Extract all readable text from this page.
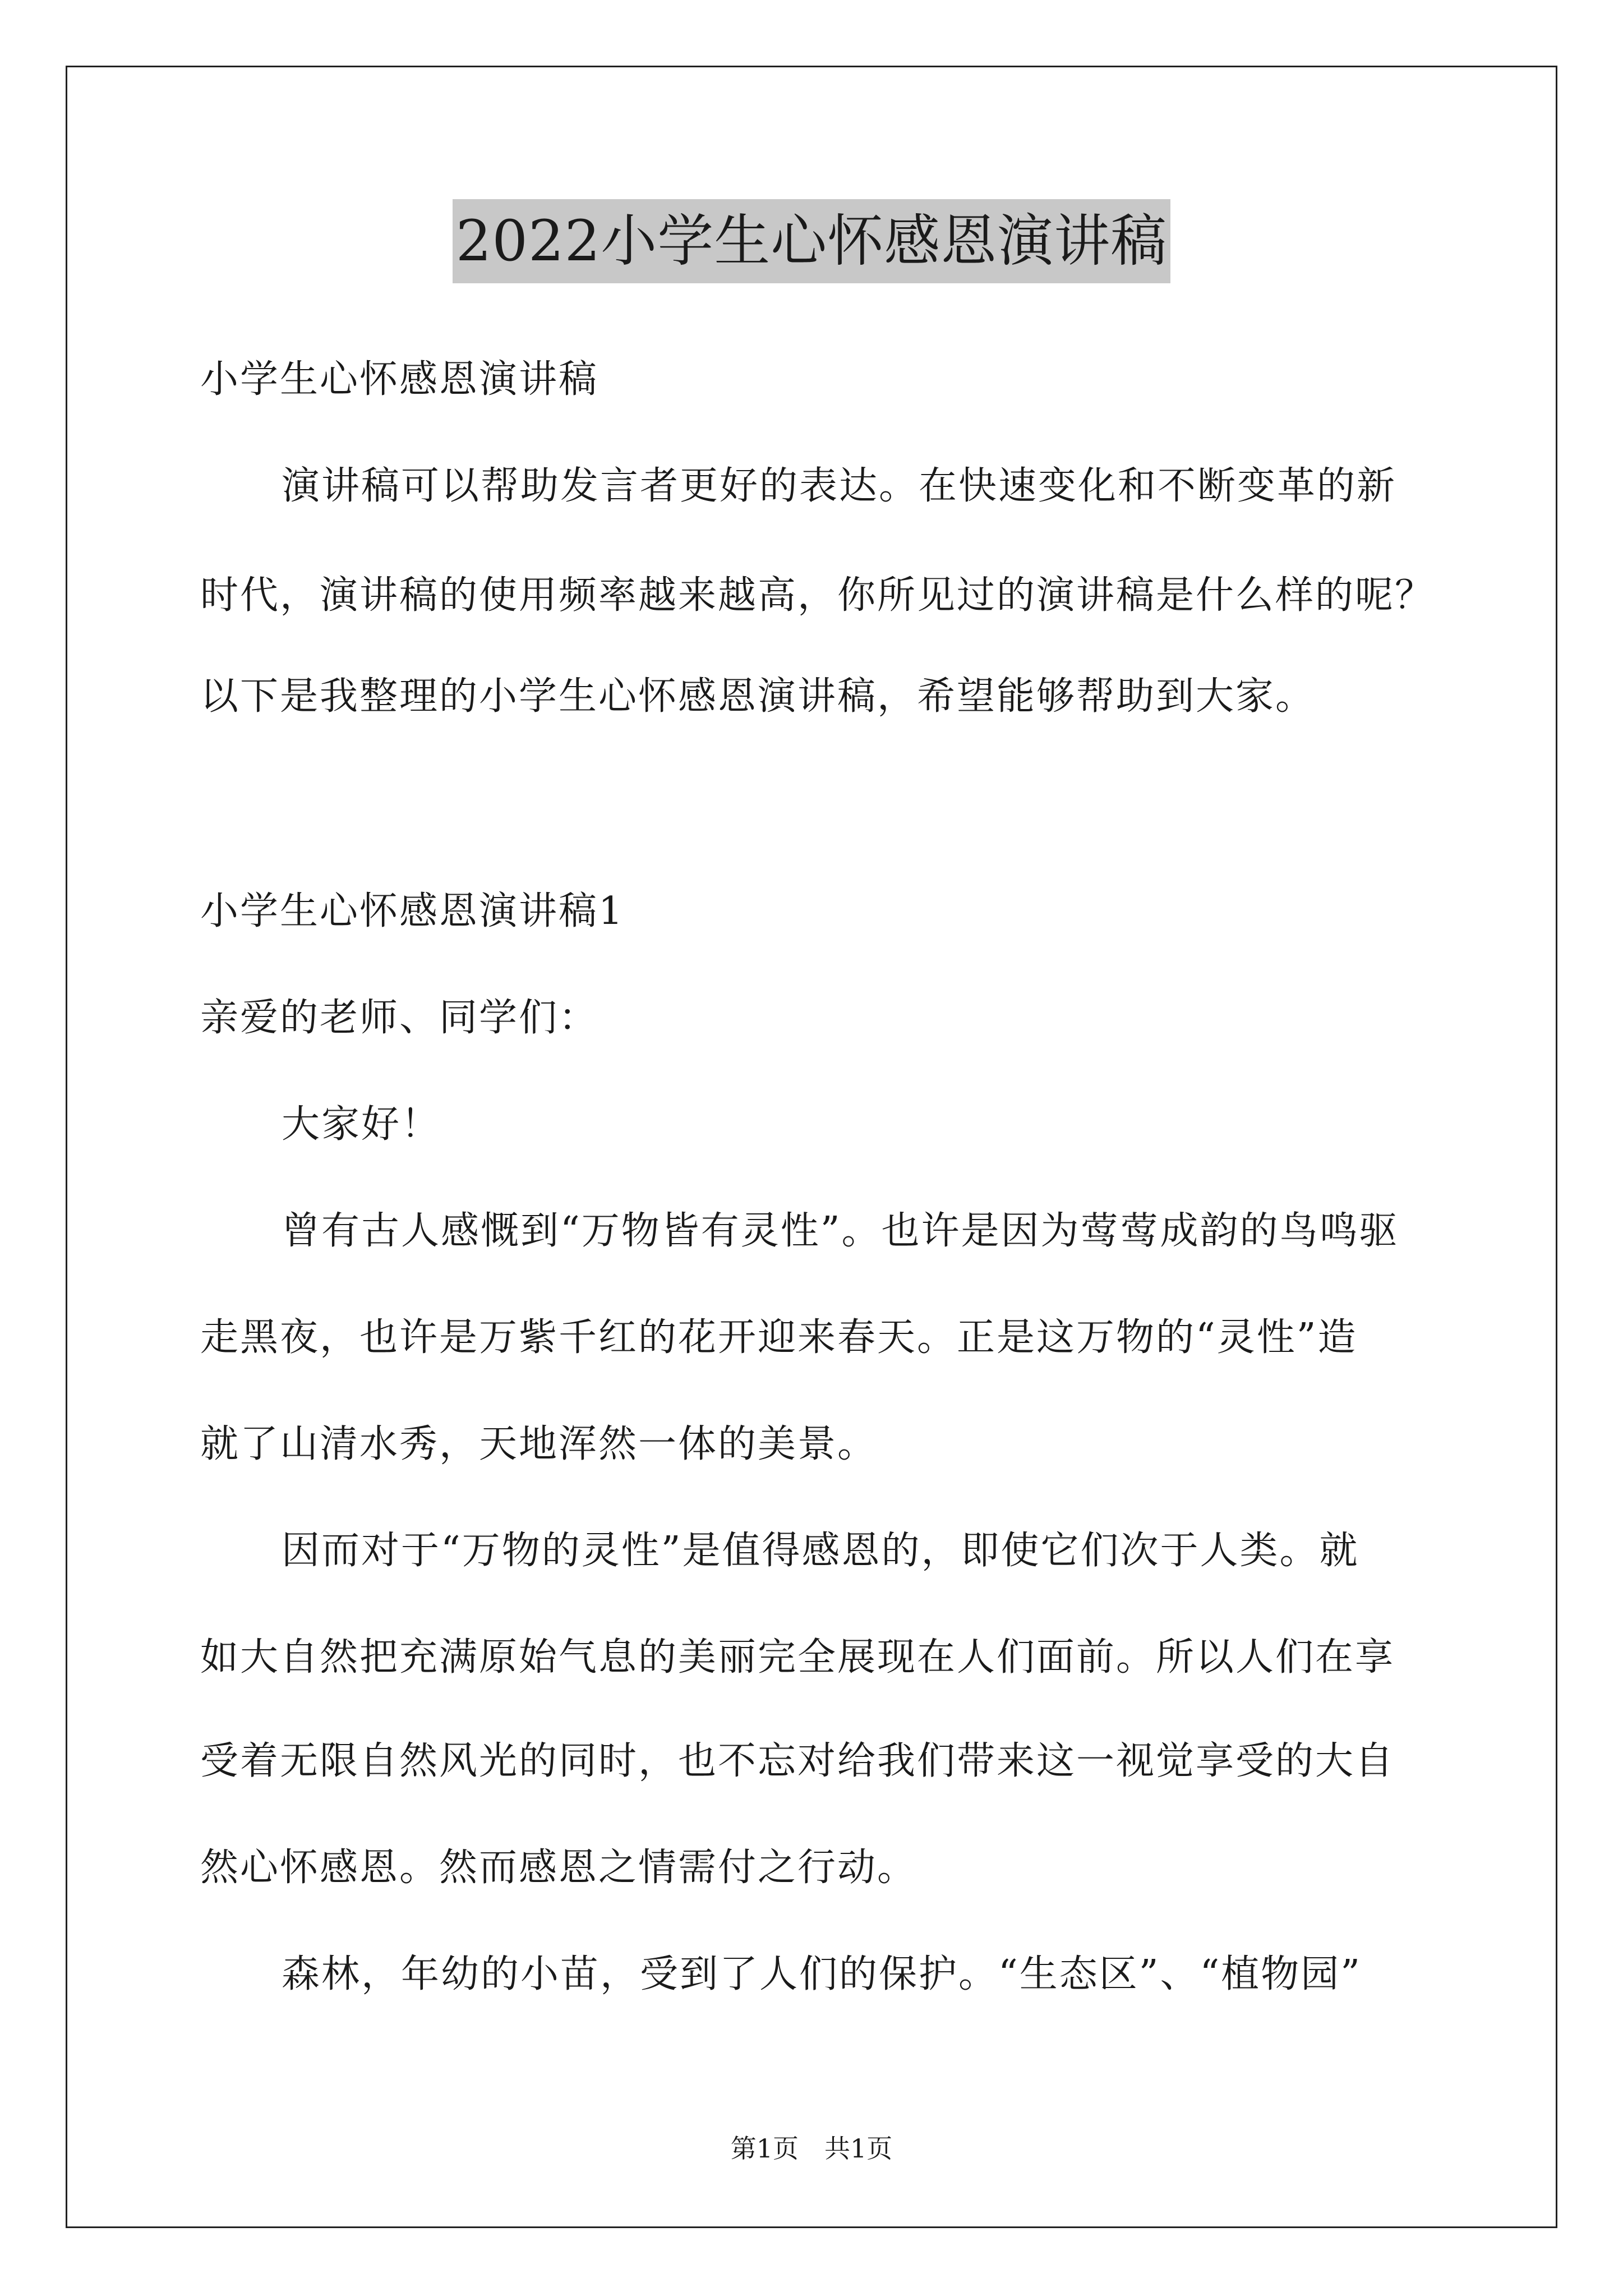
2022小学生心怀感恩演讲稿
小学生心怀感恩演讲稿
演讲稿可以帮助发言者更好的表达。在快速变化和不断变革的新
时代，演讲稿的使用频率越来越高，你所见过的演讲稿是什么样的呢？
以下是我整理的小学生心怀感恩演讲稿，希望能够帮助到大家。
小学生心怀感恩演讲稿1
亲爱的老师、同学们：
大家好！
曾有古人感慨到“万物皆有灵性”。也许是因为莺莺成韵的鸟鸣驱
走黑夜，也许是万紫千红的花开迎来春天。正是这万物的“灵性”造
就了山清水秀，天地浑然一体的美景。
因而对于“万物的灵性”是值得感恩的，即使它们次于人类。就
如大自然把充满原始气息的美丽完全展现在人们面前。所以人们在享
受着无限自然风光的同时，也不忘对给我们带来这一视觉享受的大自
然心怀感恩。然而感恩之情需付之行动。
森林，年幼的小苗，受到了人们的保护。“生态区”、“植物园”
第1页　共1页
